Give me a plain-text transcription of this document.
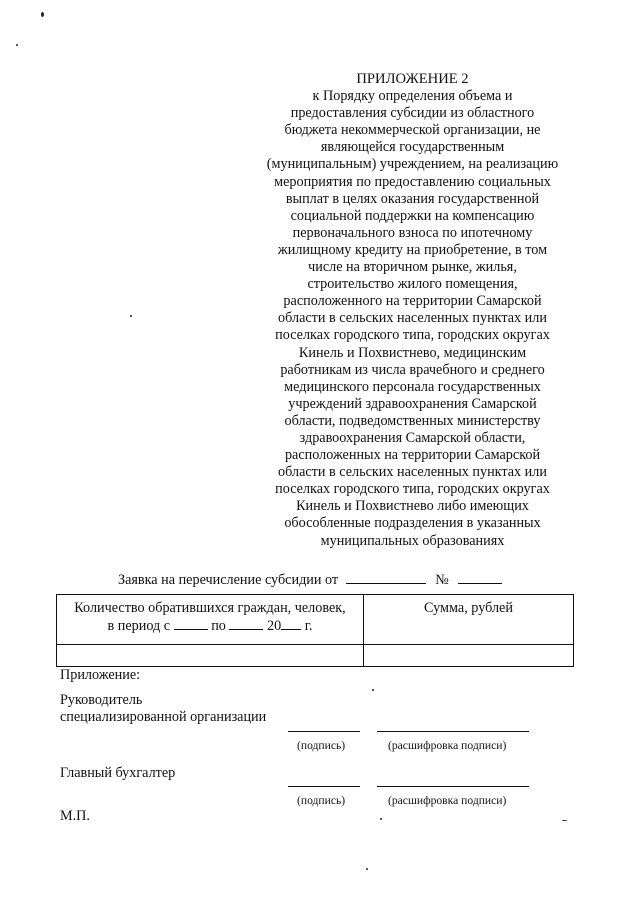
ПРИЛОЖЕНИЕ 2
к Порядку определения объема и
предоставления субсидии из областного
бюджета некоммерческой организации, не
являющейся государственным
(муниципальным) учреждением, на реализацию
мероприятия по предоставлению социальных
выплат в целях оказания государственной
социальной поддержки на компенсацию
первоначального взноса по ипотечному
жилищному кредиту на приобретение, в том
числе на вторичном рынке, жилья,
строительство жилого помещения,
расположенного на территории Самарской
области в сельских населенных пунктах или
поселках городского типа, городских округах
Кинель и Похвистнево, медицинским
работникам из числа врачебного и среднего
медицинского персонала государственных
учреждений здравоохранения Самарской
области, подведомственных министерству
здравоохранения Самарской области,
расположенных на территории Самарской
области в сельских населенных пунктах или
поселках городского типа, городских округах
Кинель и Похвистнево либо имеющих
обособленные подразделения в указанных
муниципальных образованиях
Заявка на перечисление субсидии от	№
Количество обратившихся граждан, человек,
в период с по 20 г.	Сумма, рублей

Приложение:
Руководитель
специализированной организации
(подпись)	(расшифровка подписи)
Главный бухгалтер
(подпись)	(расшифровка подписи)
М.П.
